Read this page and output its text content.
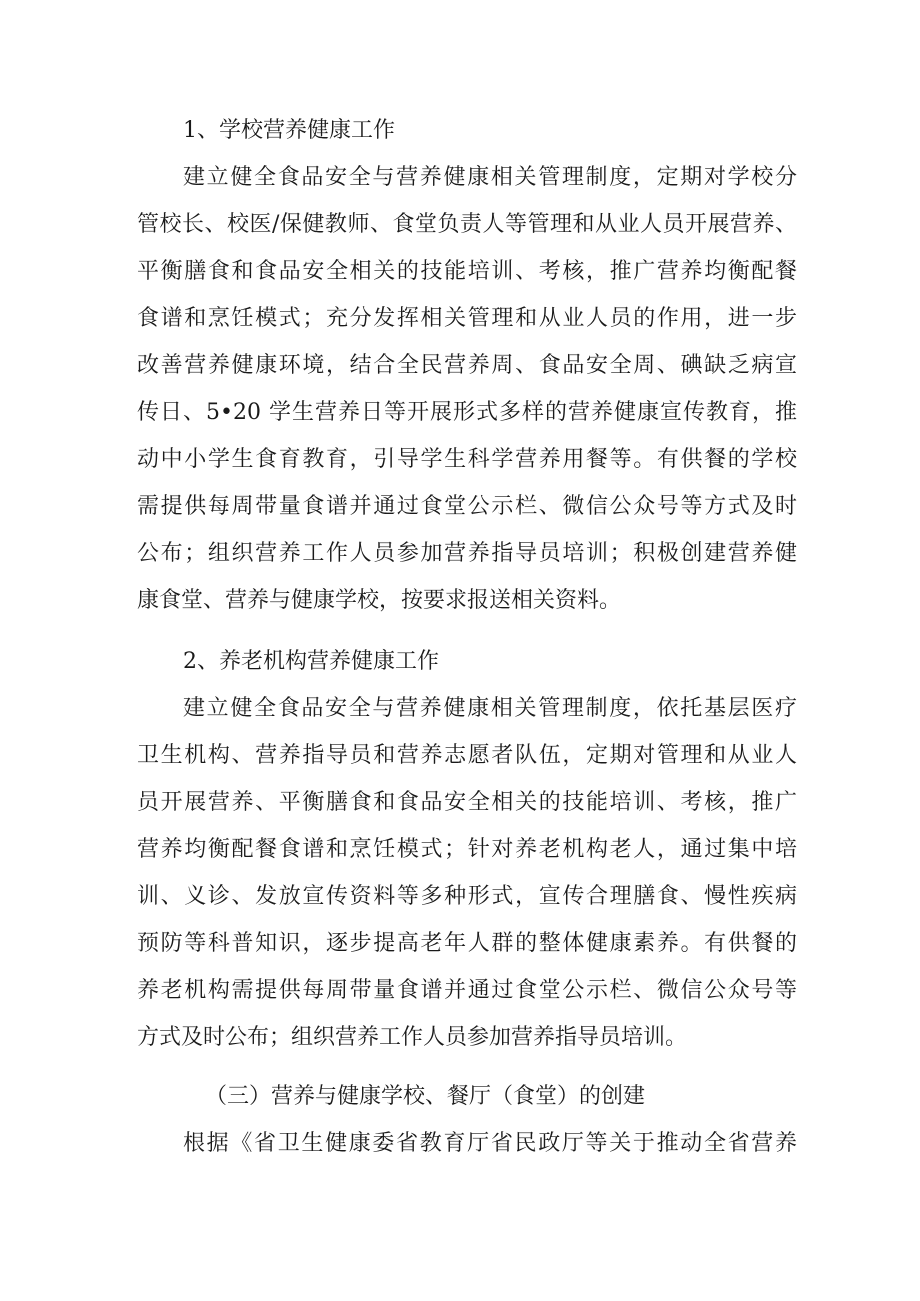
1、学校营养健康工作
建立健全食品安全与营养健康相关管理制度，定期对学校分
管校长、校医/保健教师、食堂负责人等管理和从业人员开展营养、
平衡膳食和食品安全相关的技能培训、考核，推广营养均衡配餐
食谱和烹饪模式；充分发挥相关管理和从业人员的作用，进一步
改善营养健康环境，结合全民营养周、食品安全周、碘缺乏病宣
传日、5•20 学生营养日等开展形式多样的营养健康宣传教育，推
动中小学生食育教育，引导学生科学营养用餐等。有供餐的学校
需提供每周带量食谱并通过食堂公示栏、微信公众号等方式及时
公布；组织营养工作人员参加营养指导员培训；积极创建营养健
康食堂、营养与健康学校，按要求报送相关资料。
2、养老机构营养健康工作
建立健全食品安全与营养健康相关管理制度，依托基层医疗
卫生机构、营养指导员和营养志愿者队伍，定期对管理和从业人
员开展营养、平衡膳食和食品安全相关的技能培训、考核，推广
营养均衡配餐食谱和烹饪模式；针对养老机构老人，通过集中培
训、义诊、发放宣传资料等多种形式，宣传合理膳食、慢性疾病
预防等科普知识，逐步提高老年人群的整体健康素养。有供餐的
养老机构需提供每周带量食谱并通过食堂公示栏、微信公众号等
方式及时公布；组织营养工作人员参加营养指导员培训。
（三）营养与健康学校、餐厅（食堂）的创建
根据《省卫生健康委省教育厅省民政厅等关于推动全省营养
